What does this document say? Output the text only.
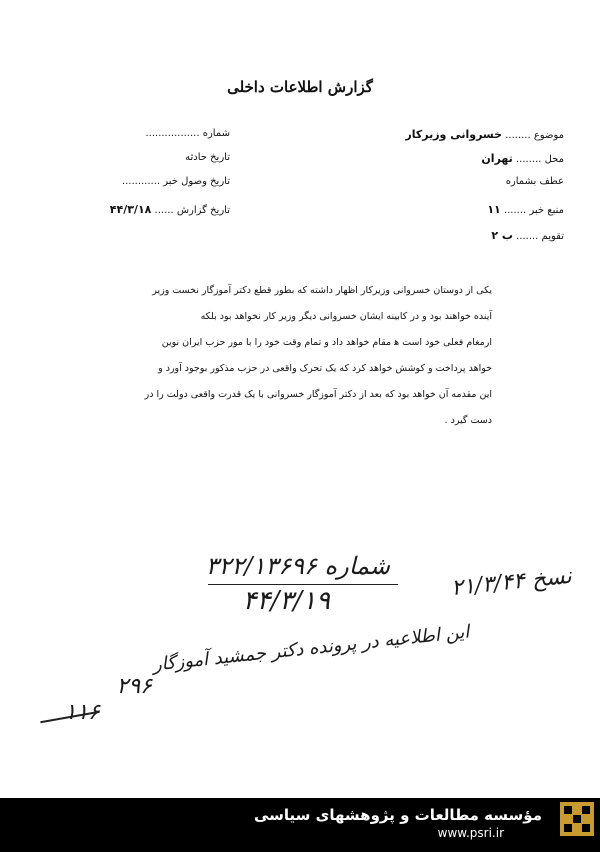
گزارش اطلاعات داخلی
موضوع ........ خسروانی وزیرکار
محل ........ تهران
عطف بشماره
منبع خبر ....... ۱۱
تقویم ....... ب ۲
شماره .................
تاریخ حادثه
تاریخ وصول خبر ............
تاریخ گزارش ...... ۴۴/۳/۱۸

یکی از دوستان خسروانی وزیرکار اظهار داشته که بطور قطع دکتر آموزگار نخست وزیر

آینده خواهند بود و در کابینه ایشان خسروانی دیگر وزیر کار نخواهد بود بلکه

ارمغام فعلی خود است ه‍ مقام خواهد داد و تمام وقت خود را با مور حزب ایران نوین

خواهد پرداخت و کوشش خواهد کرد که یک تحرک واقعی در حزب مذکور بوجود آورد و

این مقدمه آن خواهد بود که بعد از دکتر آموزگار خسروانی با یک قدرت واقعی دولت را در

دست گیرد .

شماره ۳۲۲/۱۳۶۹۶
۴۴/۳/۱۹	نسخ ۲۱/۳/۴۴
این اطلاعیه در پرونده دکتر جمشید آموزگار
۲۹۶
۱۱۶
مؤسسه مطالعات و پژوهشهای سیاسی
www.psri.ir
